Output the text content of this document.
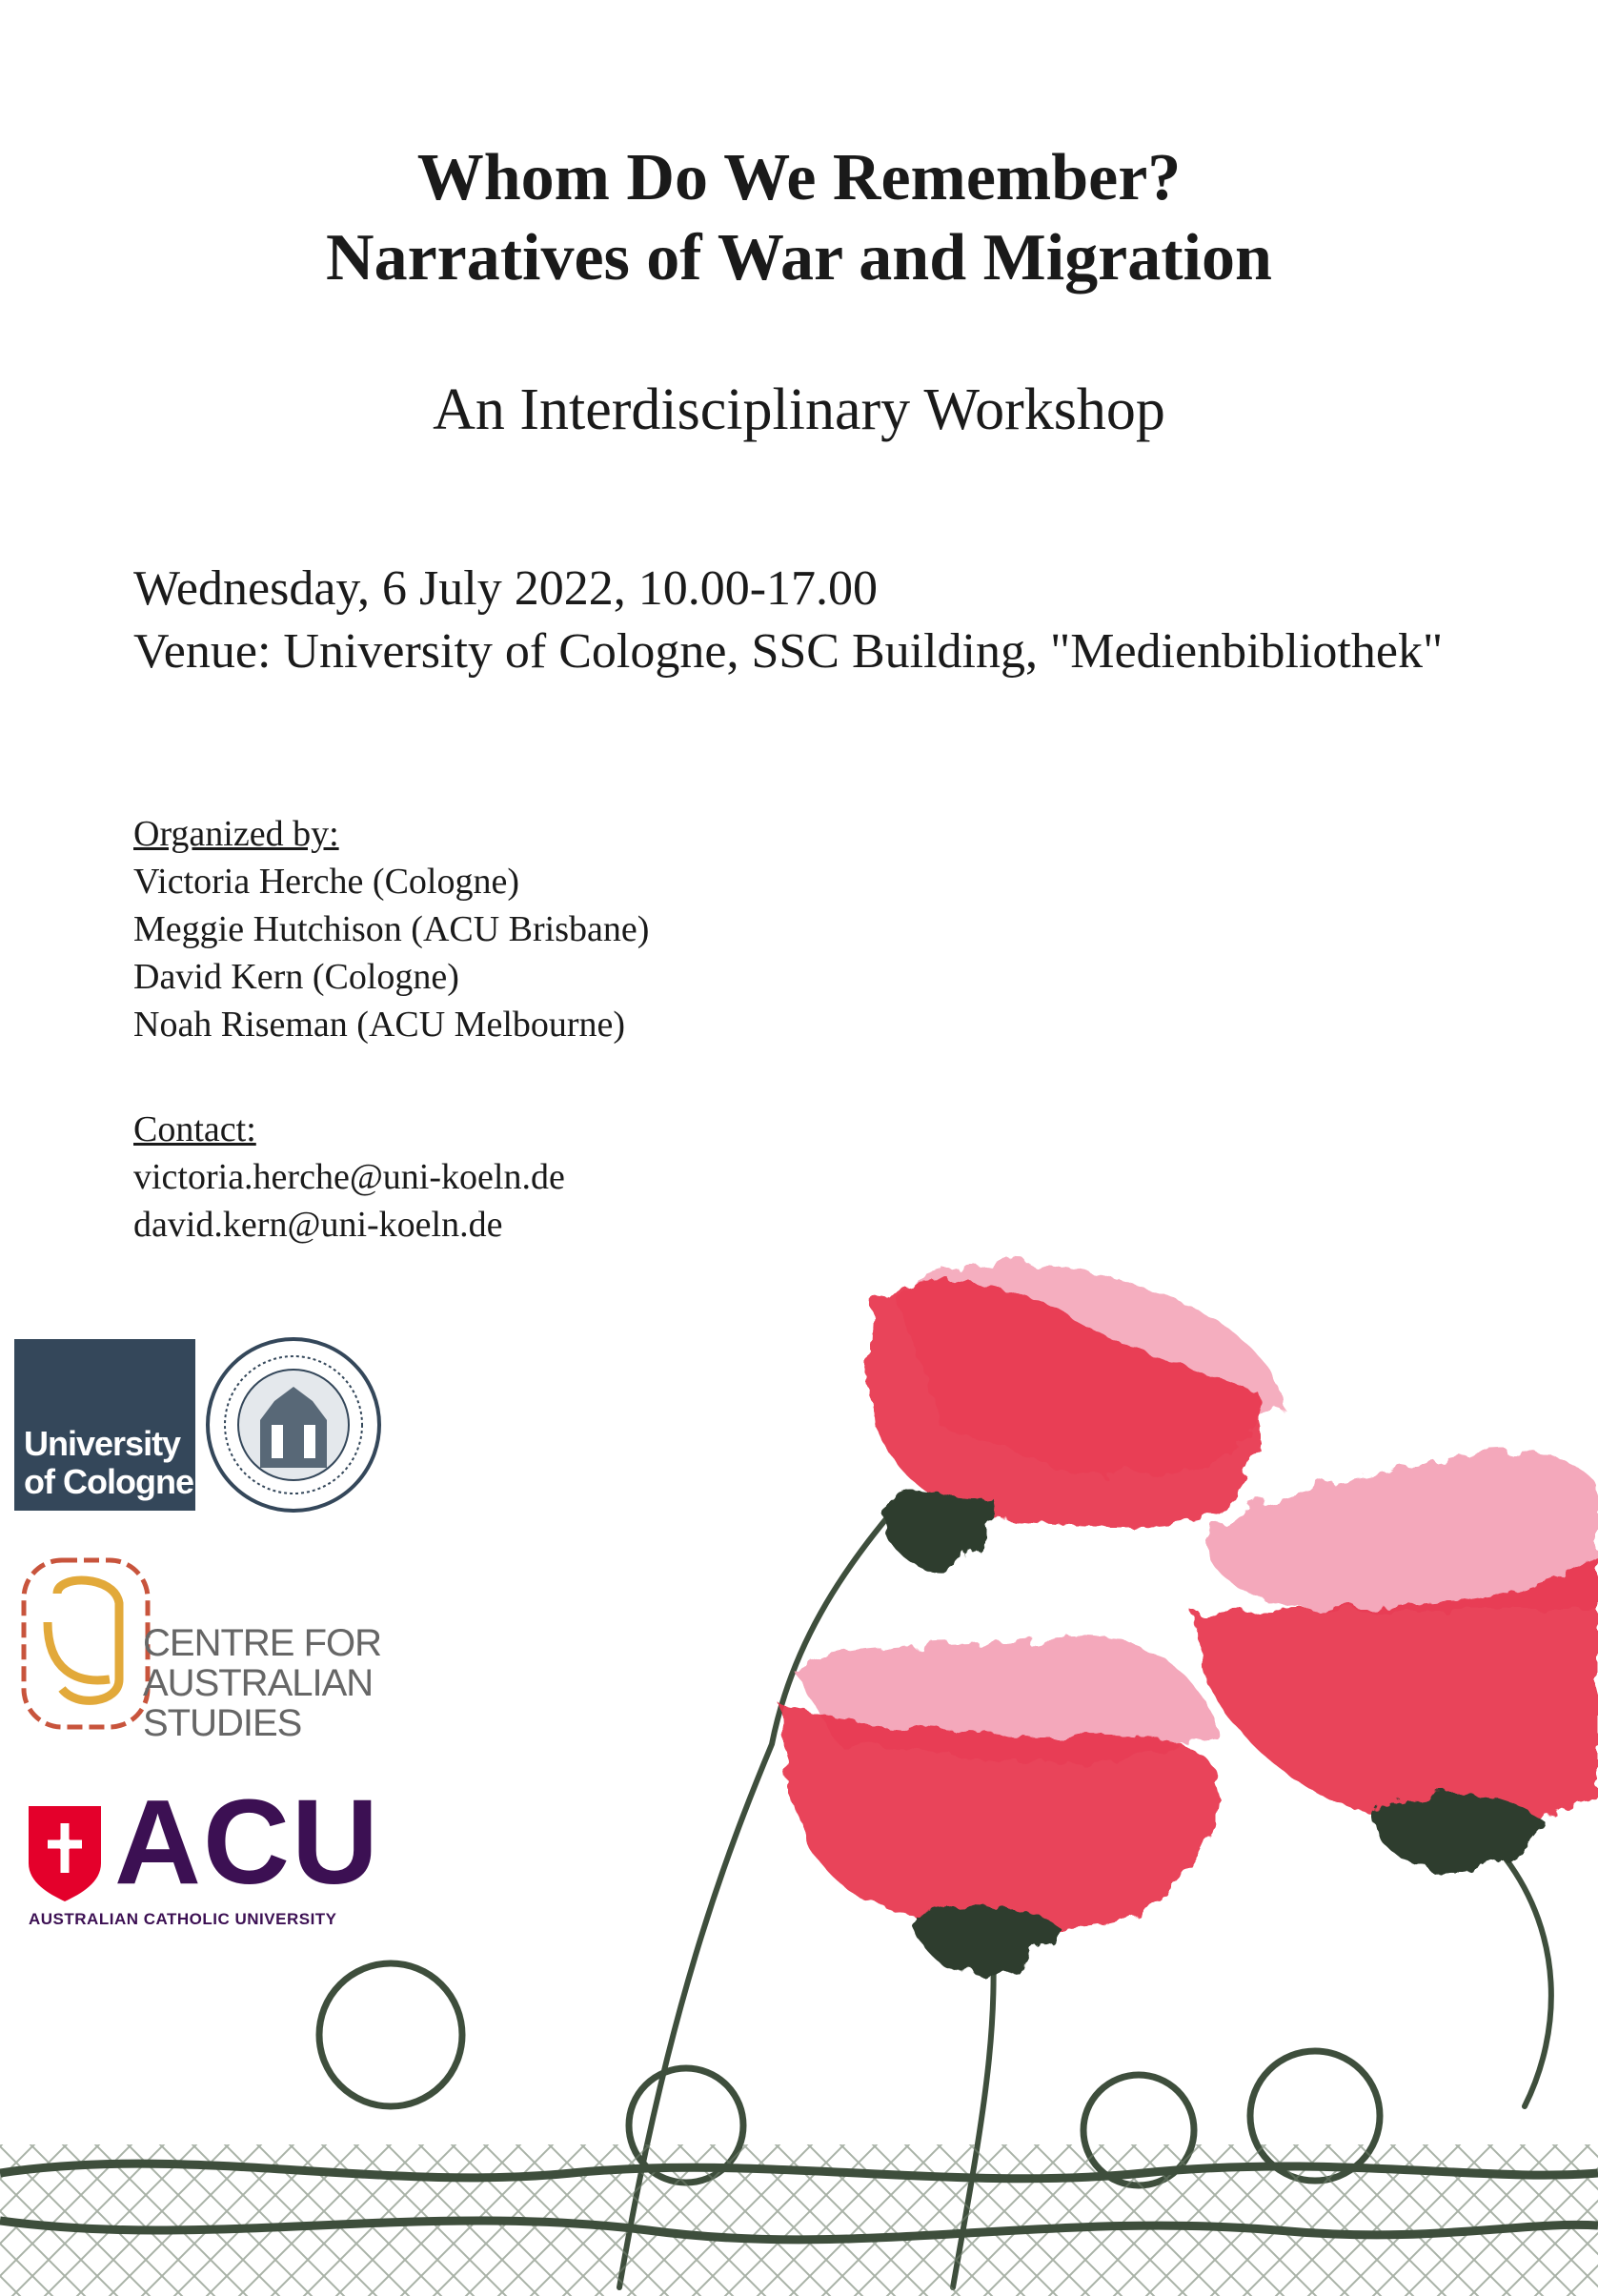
Whom Do We Remember?
Narratives of War and Migration
An Interdisciplinary Workshop
Wednesday, 6 July 2022, 10.00-17.00
Venue: University of Cologne, SSC Building, "Medienbibliothek"
Organized by:
Victoria Herche (Cologne)
Meggie Hutchison (ACU Brisbane)
David Kern (Cologne)
Noah Riseman (ACU Melbourne)
Contact:
victoria.herche@uni-koeln.de
david.kern@uni-koeln.de
University
of Cologne
CENTRE FOR
AUSTRALIAN
STUDIES
ACU
AUSTRALIAN CATHOLIC UNIVERSITY
